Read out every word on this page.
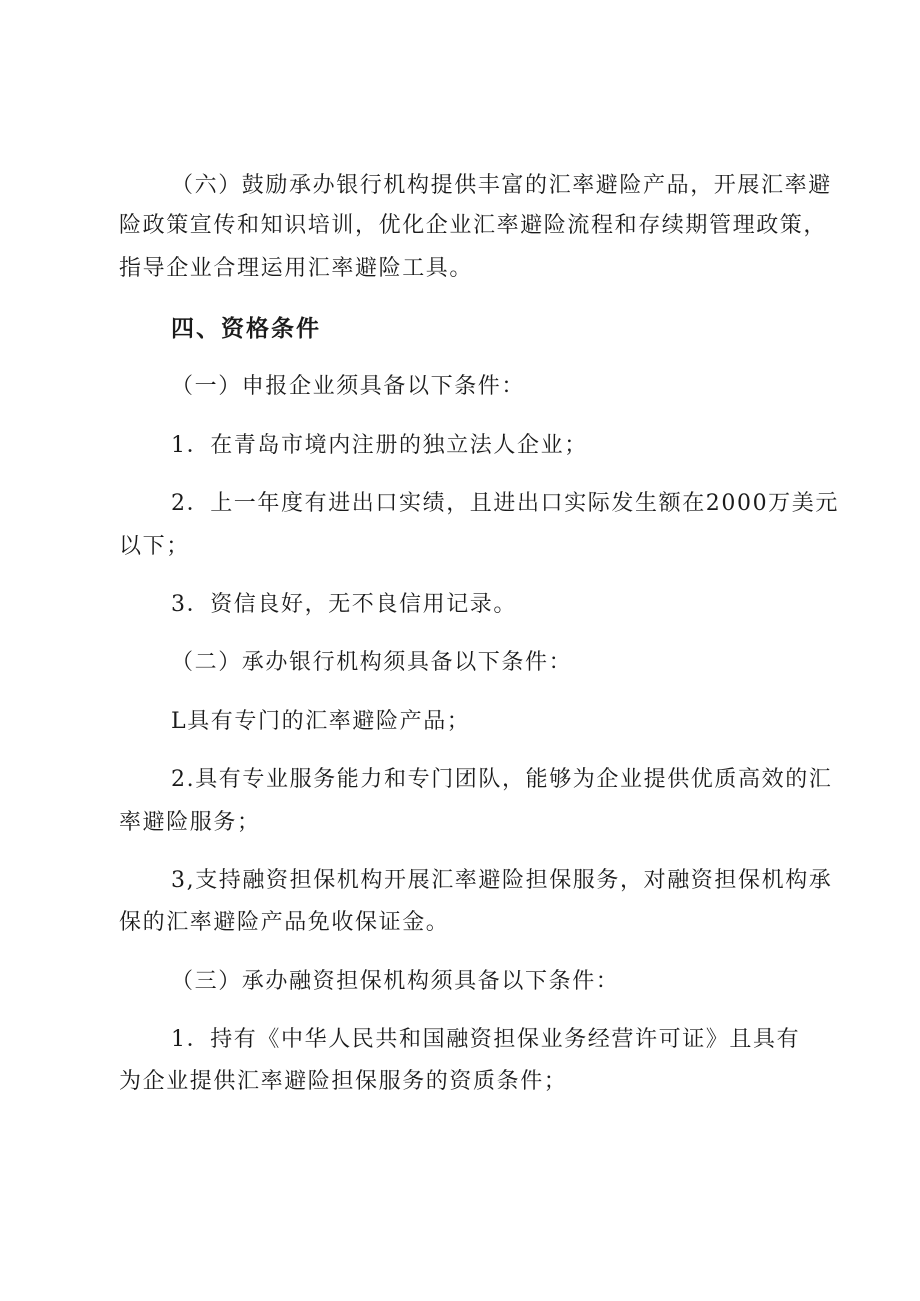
（六）鼓励承办银行机构提供丰富的汇率避险产品，开展汇率避
险政策宣传和知识培训，优化企业汇率避险流程和存续期管理政策，
指导企业合理运用汇率避险工具。
四、资格条件
（一）申报企业须具备以下条件：
1．在青岛市境内注册的独立法人企业；
2．上一年度有进出口实绩，且进出口实际发生额在2000万美元
以下；
3．资信良好，无不良信用记录。
（二）承办银行机构须具备以下条件：
L具有专门的汇率避险产品；
2.具有专业服务能力和专门团队，能够为企业提供优质高效的汇
率避险服务；
3,支持融资担保机构开展汇率避险担保服务，对融资担保机构承
保的汇率避险产品免收保证金。
（三）承办融资担保机构须具备以下条件：
1．持有《中华人民共和国融资担保业务经营许可证》且具有
为企业提供汇率避险担保服务的资质条件；
